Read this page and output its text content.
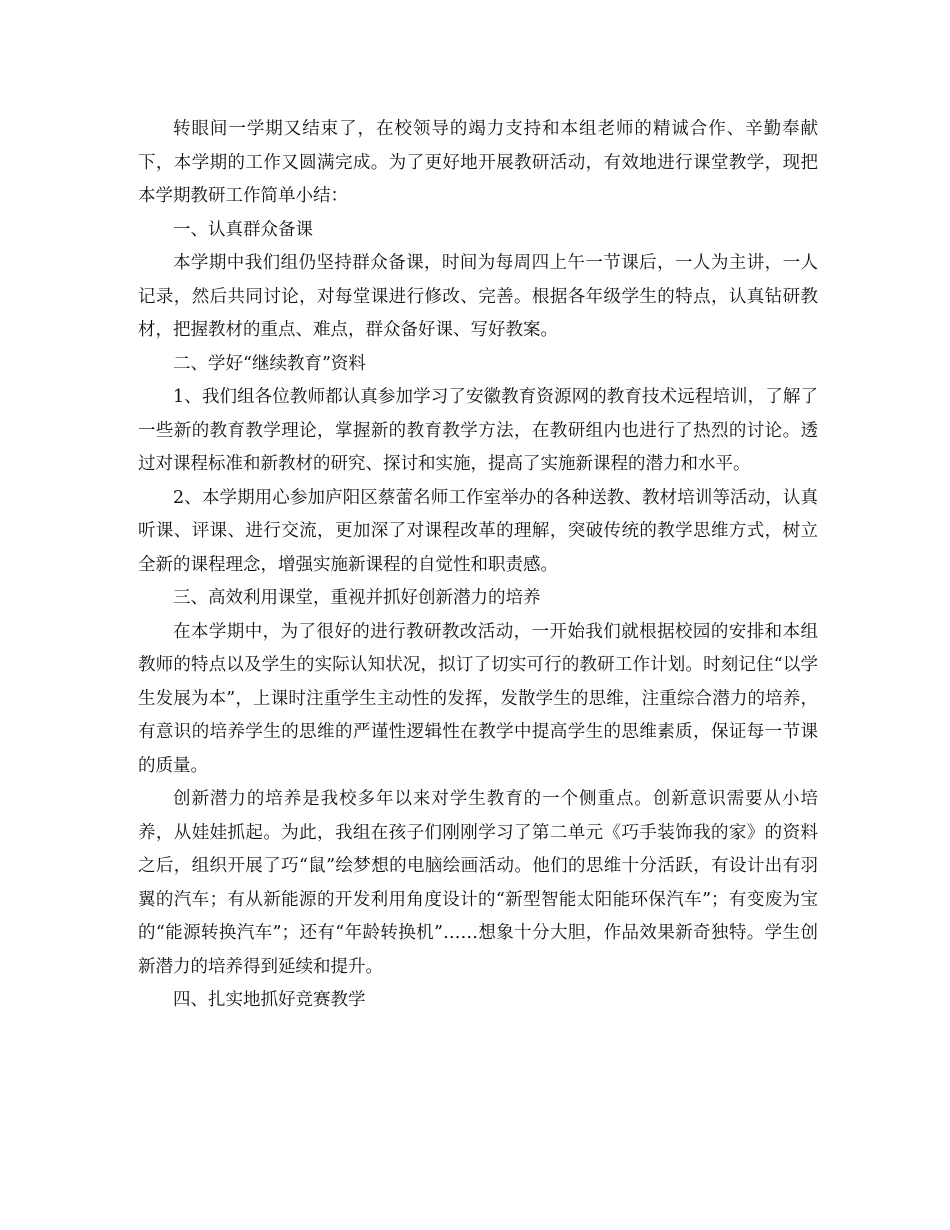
转眼间一学期又结束了，在校领导的竭力支持和本组老师的精诚合作、辛勤奉献下，本学期的工作又圆满完成。为了更好地开展教研活动，有效地进行课堂教学，现把本学期教研工作简单小结：

一、认真群众备课

本学期中我们组仍坚持群众备课，时间为每周四上午一节课后，一人为主讲，一人记录，然后共同讨论，对每堂课进行修改、完善。根据各年级学生的特点，认真钻研教材，把握教材的重点、难点，群众备好课、写好教案。

二、学好“继续教育”资料

1、我们组各位教师都认真参加学习了安徽教育资源网的教育技术远程培训，了解了一些新的教育教学理论，掌握新的教育教学方法，在教研组内也进行了热烈的讨论。透过对课程标准和新教材的研究、探讨和实施，提高了实施新课程的潜力和水平。

2、本学期用心参加庐阳区蔡蕾名师工作室举办的各种送教、教材培训等活动，认真听课、评课、进行交流，更加深了对课程改革的理解，突破传统的教学思维方式，树立全新的课程理念，增强实施新课程的自觉性和职责感。

三、高效利用课堂，重视并抓好创新潜力的培养

在本学期中，为了很好的进行教研教改活动，一开始我们就根据校园的安排和本组教师的特点以及学生的实际认知状况，拟订了切实可行的教研工作计划。时刻记住“以学生发展为本”，上课时注重学生主动性的发挥，发散学生的思维，注重综合潜力的培养，有意识的培养学生的思维的严谨性逻辑性在教学中提高学生的思维素质，保证每一节课的质量。

创新潜力的培养是我校多年以来对学生教育的一个侧重点。创新意识需要从小培养，从娃娃抓起。为此，我组在孩子们刚刚学习了第二单元《巧手装饰我的家》的资料之后，组织开展了巧“鼠”绘梦想的电脑绘画活动。他们的思维十分活跃，有设计出有羽翼的汽车；有从新能源的开发利用角度设计的“新型智能太阳能环保汽车”；有变废为宝的“能源转换汽车”；还有“年龄转换机”……想象十分大胆，作品效果新奇独特。学生创新潜力的培养得到延续和提升。

四、扎实地抓好竞赛教学
